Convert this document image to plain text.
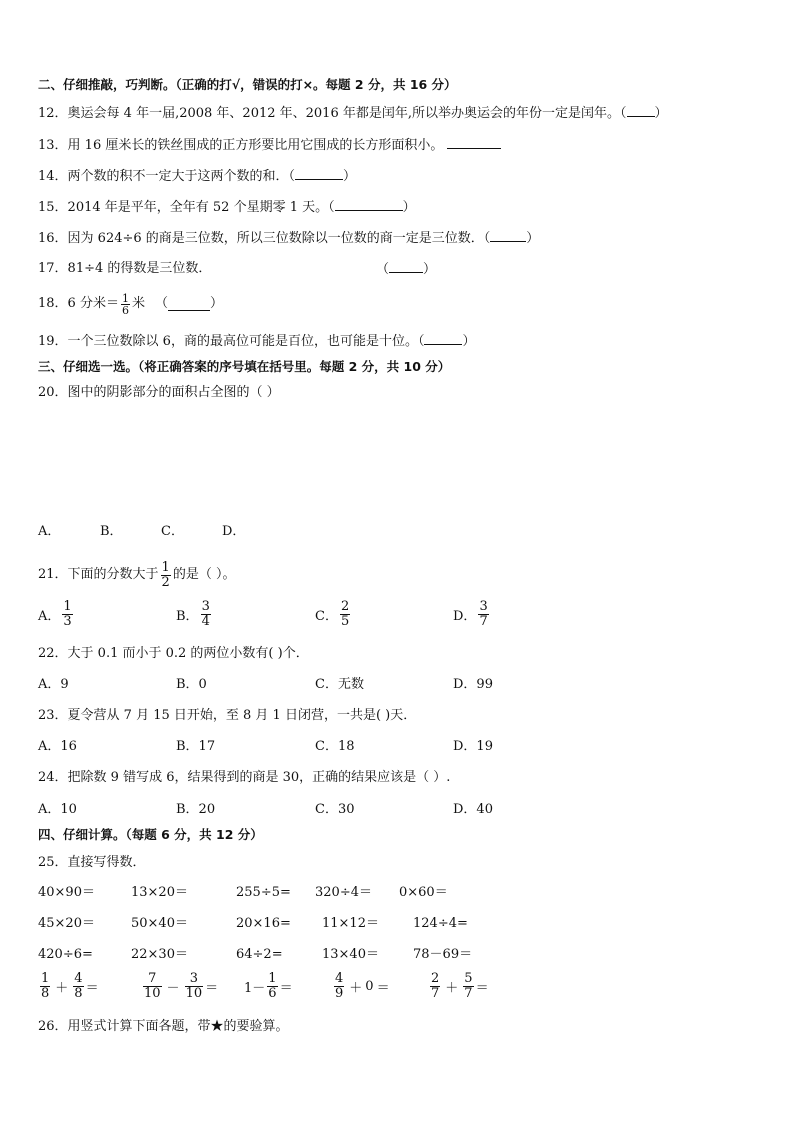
二、仔细推敲，巧判断。（正确的打√，错误的打×。每题 2 分，共 16 分）
12．奥运会每 4 年一届,2008 年、2012 年、2016 年都是闰年,所以举办奥运会的年份一定是闰年。（ ）
13．用 16 厘米长的铁丝围成的正方形要比用它围成的长方形面积小。
14．两个数的积不一定大于这两个数的和．（	）
15．2014 年是平年，全年有 52 个星期零 1 天。（	）
16．因为 624÷6 的商是三位数，所以三位数除以一位数的商一定是三位数．（	）
17．81÷4 的得数是三位数．	（	）
18．6 分米＝ $\frac{1}{6}$ 米 （	）
19．一个三位数除以 6，商的最高位可能是百位，也可能是十位。（	）
三、仔细选一选。（将正确答案的序号填在括号里。每题 2 分，共 10 分）
20．图中的阴影部分的面积占全图的（ ）
A．	B．	C．	D．
21．下面的分数大于 $\frac{1}{2}$ 的是（ ）。
A． $\frac{1}{3}$	B． $\frac{3}{4}$	C． $\frac{2}{5}$	D． $\frac{3}{7}$
22．大于 0.1 而小于 0.2 的两位小数有( )个．
A．9	B．0	C．无数	D．99
23．夏令营从 7 月 15 日开始，至 8 月 1 日闭营，一共是( )天．
A．16	B．17	C．18	D．19
24．把除数 9 错写成 6，结果得到的商是 30，正确的结果应该是（ ）.
A．10	B．20	C．30	D．40
四、仔细计算。（每题 6 分，共 12 分）
25．直接写得数．
40×90＝	13×20＝	255÷5= 320÷4＝ 0×60＝
45×20＝	50×40＝	20×16= 11×12＝	124÷4=
420÷6=	22×30＝	64÷2=	13×40＝	78－69＝
$\frac{1}{8} + \frac{4}{8}$ ＝	$\frac{7}{10} - \frac{3}{10} = 1- \frac{1}{6}$ ＝	$\frac{4}{9} + 0$ ＝	$\frac{2}{7} + \frac{5}{7}$ ＝
26．用竖式计算下面各题，带★的要验算。
